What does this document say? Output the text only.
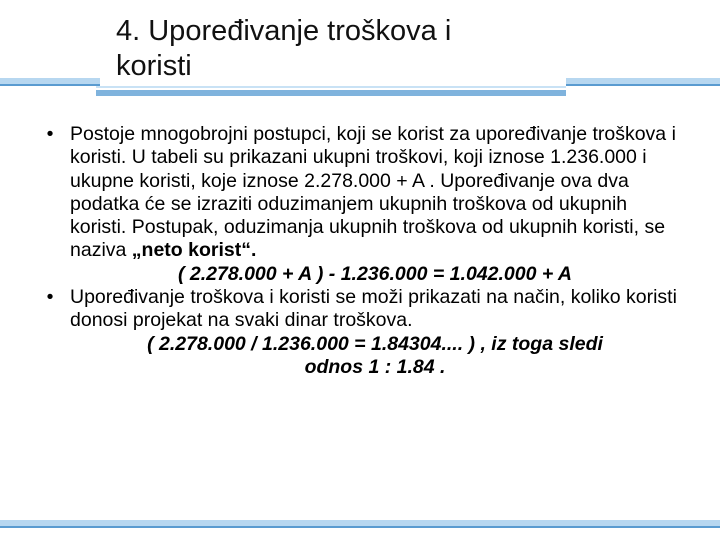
4. Upoređivanje troškova i
koristi
• Postoje mnogobrojni postupci, koji se korist za upoređivanje troškova i koristi. U tabeli su prikazani ukupni troškovi, koji iznose 1.236.000 i ukupne koristi, koje iznose 2.278.000 + A . Upoređivanje ova dva podatka će se izraziti oduzimanjem ukupnih troškova od ukupnih koristi. Postupak, oduzimanja ukupnih troškova od ukupnih koristi, se naziva „neto korist“.
( 2.278.000 + A ) - 1.236.000 = 1.042.000 + A
• Upoređivanje troškova i koristi se moži prikazati na način, koliko koristi donosi projekat na svaki dinar troškova.
( 2.278.000 / 1.236.000 = 1.84304.... ) , iz toga sledi
odnos 1 : 1.84 .
